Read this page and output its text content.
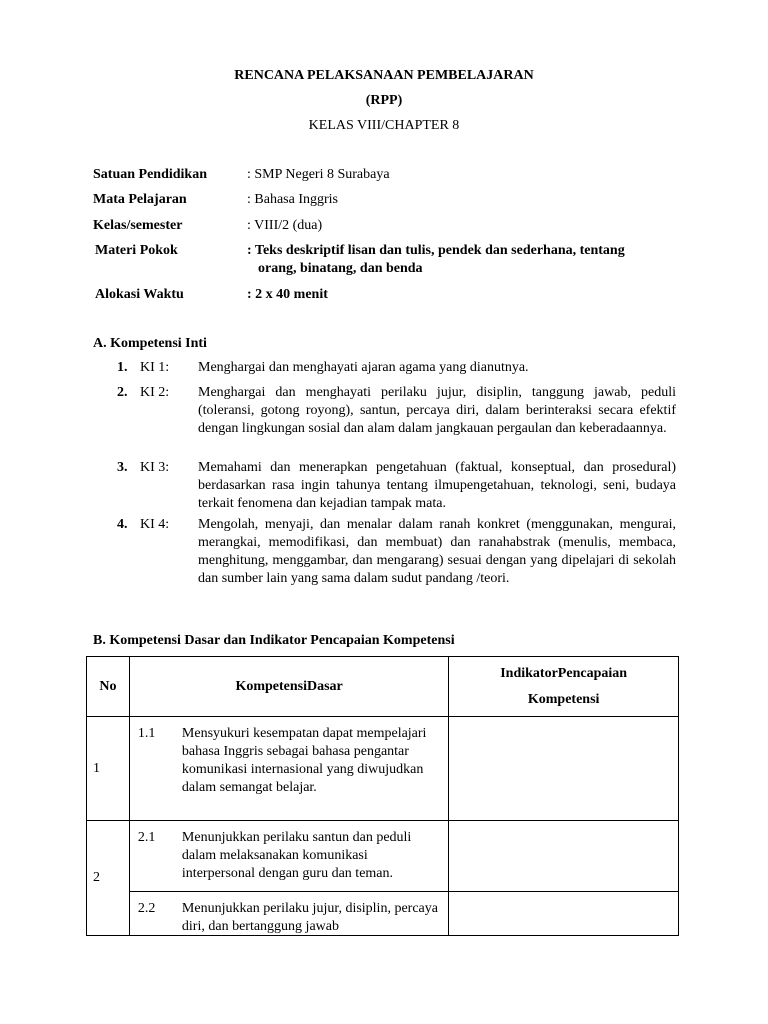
RENCANA PELAKSANAAN PEMBELAJARAN
(RPP)
KELAS VIII/CHAPTER 8
Satuan Pendidikan	: SMP Negeri 8 Surabaya
Mata Pelajaran	: Bahasa Inggris
Kelas/semester	: VIII/2 (dua)
Materi Pokok	: Teks deskriptif lisan dan tulis, pendek dan sederhana, tentang
orang, binatang, dan benda
Alokasi Waktu	: 2 x 40 menit
A. Kompetensi Inti
1. KI 1: Menghargai dan menghayati ajaran agama yang dianutnya.
2. KI 2: Menghargai dan menghayati perilaku jujur, disiplin, tanggung jawab, peduli (toleransi, gotong royong), santun, percaya diri, dalam berinteraksi secara efektif dengan lingkungan sosial dan alam dalam jangkauan pergaulan dan keberadaannya.
3. KI 3: Memahami dan menerapkan pengetahuan (faktual, konseptual, dan prosedural) berdasarkan rasa ingin tahunya tentang ilmupengetahuan, teknologi, seni, budaya terkait fenomena dan kejadian tampak mata.
4. KI 4: Mengolah, menyaji, dan menalar dalam ranah konkret (menggunakan, mengurai, merangkai, memodifikasi, dan membuat) dan ranahabstrak (menulis, membaca, menghitung, menggambar, dan mengarang) sesuai dengan yang dipelajari di sekolah dan sumber lain yang sama dalam sudut pandang /teori.
B. Kompetensi Dasar dan Indikator Pencapaian Kompetensi
No	KompetensiDasar	IndikatorPencapaian
Kompetensi

1	1.1 Mensyukuri kesempatan dapat mempelajari bahasa Inggris sebagai bahasa pengantar komunikasi internasional yang diwujudkan dalam semangat belajar.	

2	2.1 Menunjukkan perilaku santun dan peduli dalam melaksanakan komunikasi interpersonal dengan guru dan teman.	

	2.2 Menunjukkan perilaku jujur, disiplin, percaya diri, dan bertanggung jawab	
